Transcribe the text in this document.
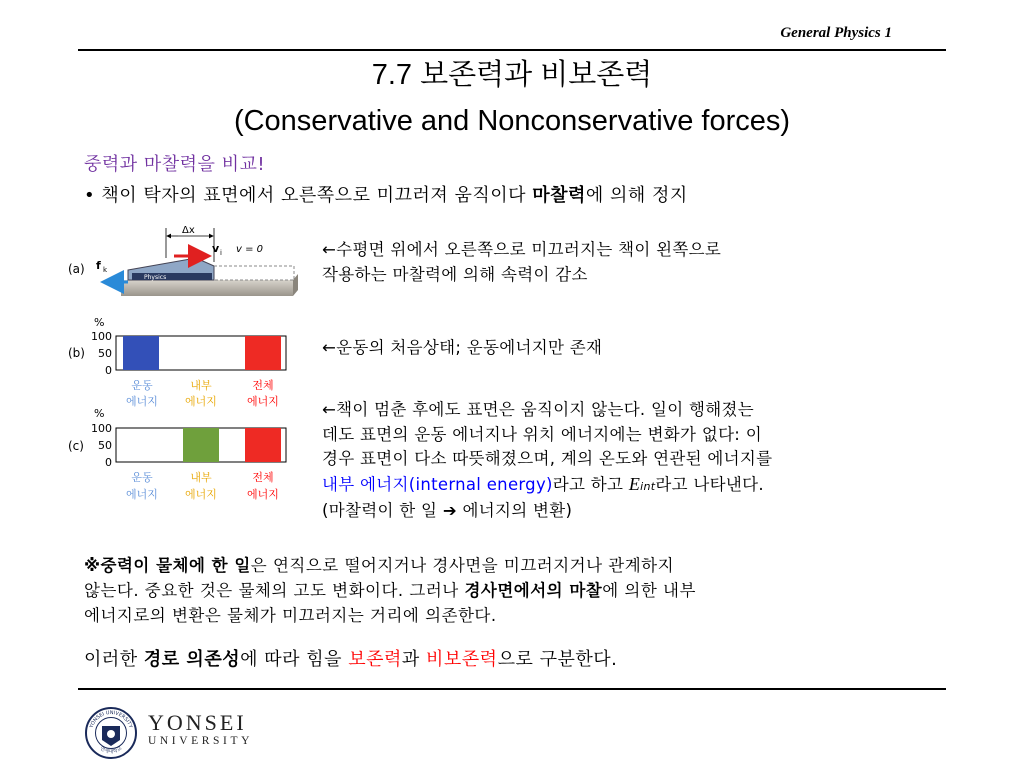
General Physics 1
7.7 보존력과 비보존력
(Conservative and Nonconservative forces)
중력과 마찰력을 비교!
• 책이 탁자의 표면에서 오른쪽으로 미끄러져 움직이다 마찰력에 의해 정지
(a)
Physics
Δx
v i v = 0
f k
(b)
%
100
50
0
운동
에너지
내부
에너지
전체
에너지
(c)
%
100
50
0
운동
에너지
내부
에너지
전체
에너지
←수평면 위에서 오른쪽으로 미끄러지는 책이 왼쪽으로
작용하는 마찰력에 의해 속력이 감소
←운동의 처음상태; 운동에너지만 존재
←책이 멈춘 후에도 표면은 움직이지 않는다. 일이 행해졌는
데도 표면의 운동 에너지나 위치 에너지에는 변화가 없다: 이
경우 표면이 다소 따뜻해졌으며, 계의 온도와 연관된 에너지를
내부 에너지(internal energy)라고 하고 Eint라고 나타낸다.
(마찰력이 한 일 ➔ 에너지의 변환)
※중력이 물체에 한 일은 연직으로 떨어지거나 경사면을 미끄러지거나 관계하지
않는다. 중요한 것은 물체의 고도 변화이다. 그러나 경사면에서의 마찰에 의한 내부
에너지로의 변환은 물체가 미끄러지는 거리에 의존한다.
이러한 경로 의존성에 따라 힘을 보존력과 비보존력으로 구분한다.
YONSEI UNIVERSITY
연세대학교
YONSEI
UNIVERSITY
